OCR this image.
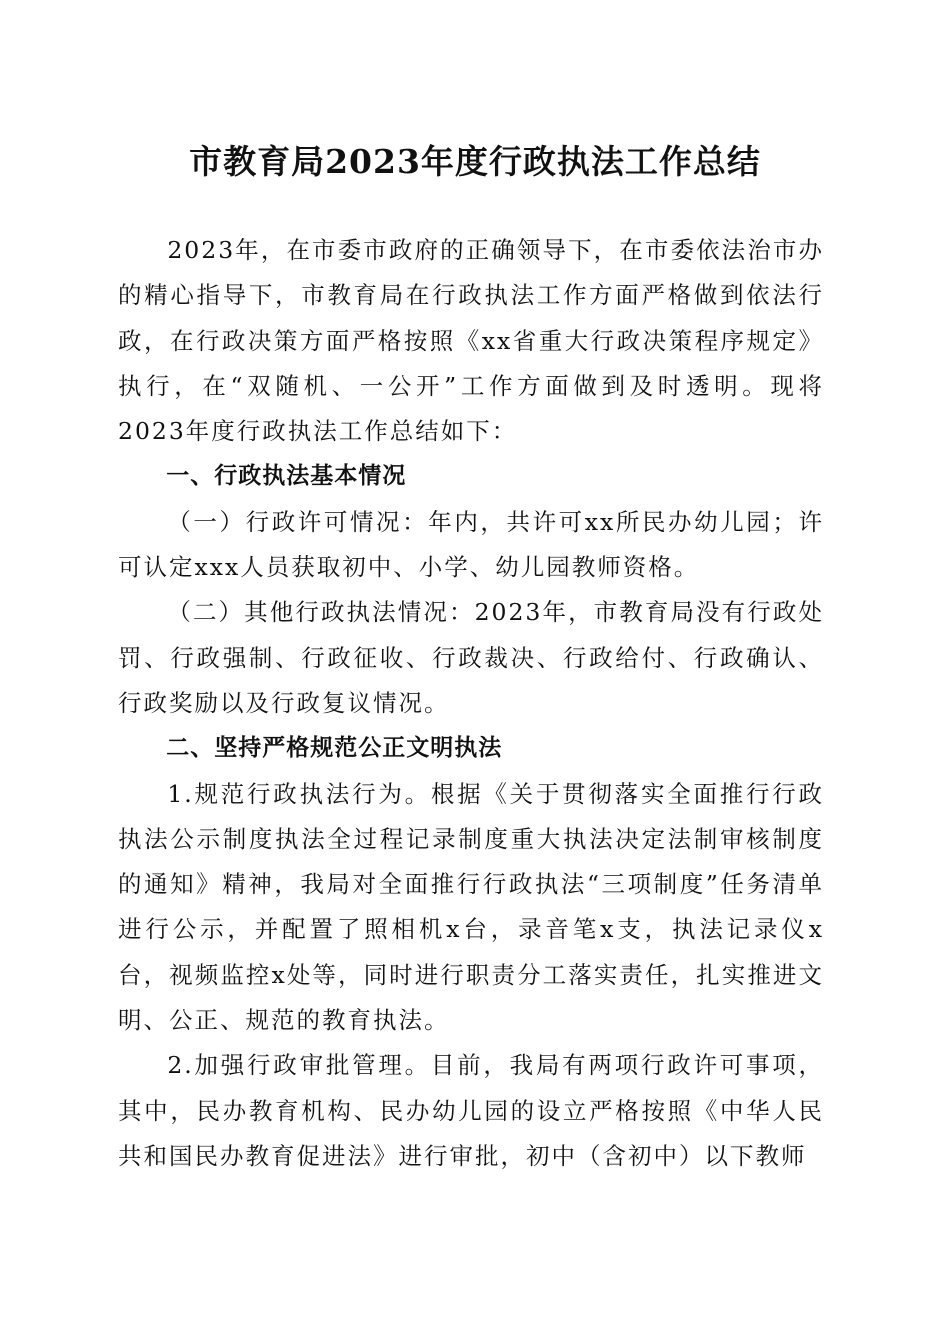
市教育局2023年度行政执法工作总结

2023年，在市委市政府的正确领导下，在市委依法治市办的精心指导下，市教育局在行政执法工作方面严格做到依法行政，在行政决策方面严格按照《xx省重大行政决策程序规定》执行，在“双随机、一公开”工作方面做到及时透明。现将2023年度行政执法工作总结如下：

一、行政执法基本情况

（一）行政许可情况：年内，共许可xx所民办幼儿园；许可认定xxx人员获取初中、小学、幼儿园教师资格。

（二）其他行政执法情况：2023年，市教育局没有行政处罚、行政强制、行政征收、行政裁决、行政给付、行政确认、行政奖励以及行政复议情况。

二、坚持严格规范公正文明执法

1.规范行政执法行为。根据《关于贯彻落实全面推行行政执法公示制度执法全过程记录制度重大执法决定法制审核制度的通知》精神，我局对全面推行行政执法“三项制度”任务清单进行公示，并配置了照相机x台，录音笔x支，执法记录仪x台，视频监控x处等，同时进行职责分工落实责任，扎实推进文明、公正、规范的教育执法。

2.加强行政审批管理。目前，我局有两项行政许可事项，其中，民办教育机构、民办幼儿园的设立严格按照《中华人民共和国民办教育促进法》进行审批，初中（含初中）以下教师
